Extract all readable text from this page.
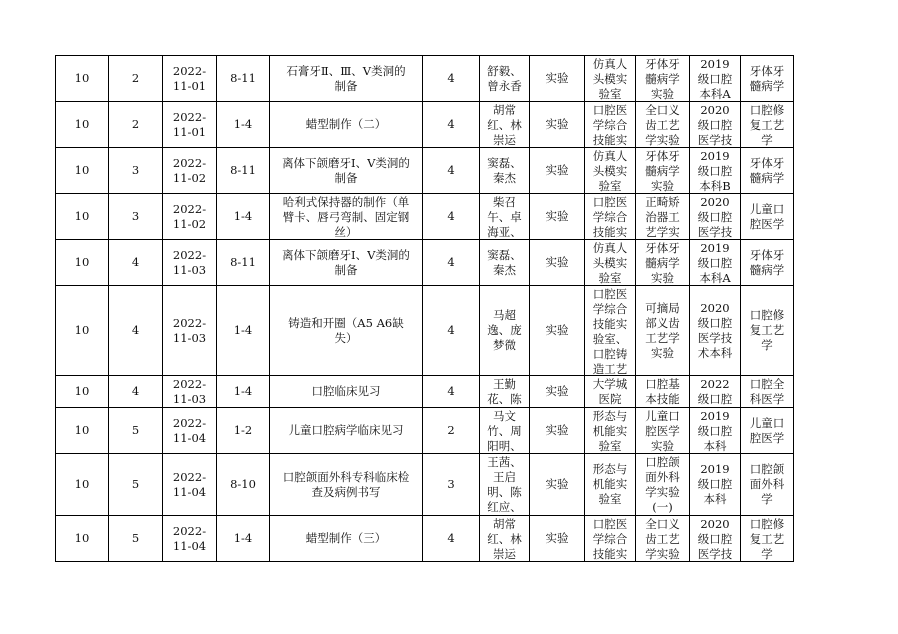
10	2	2022-11-01	8-11	石膏牙Ⅱ、Ⅲ、Ⅴ类洞的制备	4	舒毅、曾永香	实验	仿真人头模实验室	牙体牙髓病学实验	2019级口腔本科A	牙体牙髓病学

10	2	2022-11-01	1-4	蜡型制作（二）	4	胡常红、林崇运	实验	口腔医学综合技能实	全口义齿工艺学实验	2020级口腔医学技	口腔修复工艺学

10	3	2022-11-02	8-11	离体下颌磨牙Ⅰ、Ⅴ类洞的制备	4	窦磊、秦杰	实验	仿真人头模实验室	牙体牙髓病学实验	2019级口腔本科B	牙体牙髓病学

10	3	2022-11-02	1-4	哈利式保持器的制作（单臂卡、唇弓弯制、固定钢丝）	4	柴召午、卓海亚、	实验	口腔医学综合技能实	正畸矫治器工艺学实	2020级口腔医学技	儿童口腔医学

10	4	2022-11-03	8-11	离体下颌磨牙Ⅰ、Ⅴ类洞的制备	4	窦磊、秦杰	实验	仿真人头模实验室	牙体牙髓病学实验	2019级口腔本科A	牙体牙髓病学

10	4	2022-11-03	1-4	铸造和开圈（A5 A6缺失）	4	马超逸、庞梦微	实验	口腔医学综合技能实验室、口腔铸造工艺	可摘局部义齿工艺学实验	2020级口腔医学技术本科	口腔修复工艺学

10	4	2022-11-03	1-4	口腔临床见习	4	王勤花、陈	实验	大学城医院	口腔基本技能	2022级口腔	口腔全科医学

10	5	2022-11-04	1-2	儿童口腔病学临床见习	2	马文竹、周阳明、	实验	形态与机能实验室	儿童口腔医学实验	2019级口腔本科	儿童口腔医学

10	5	2022-11-04	8-10	口腔颌面外科专科临床检查及病例书写	3	王茜、王启明、陈红应、	实验	形态与机能实验室	口腔颌面外科学实验(一)	2019级口腔本科	口腔颌面外科学

10	5	2022-11-04	1-4	蜡型制作（三）	4	胡常红、林崇运	实验	口腔医学综合技能实	全口义齿工艺学实验	2020级口腔医学技	口腔修复工艺学
